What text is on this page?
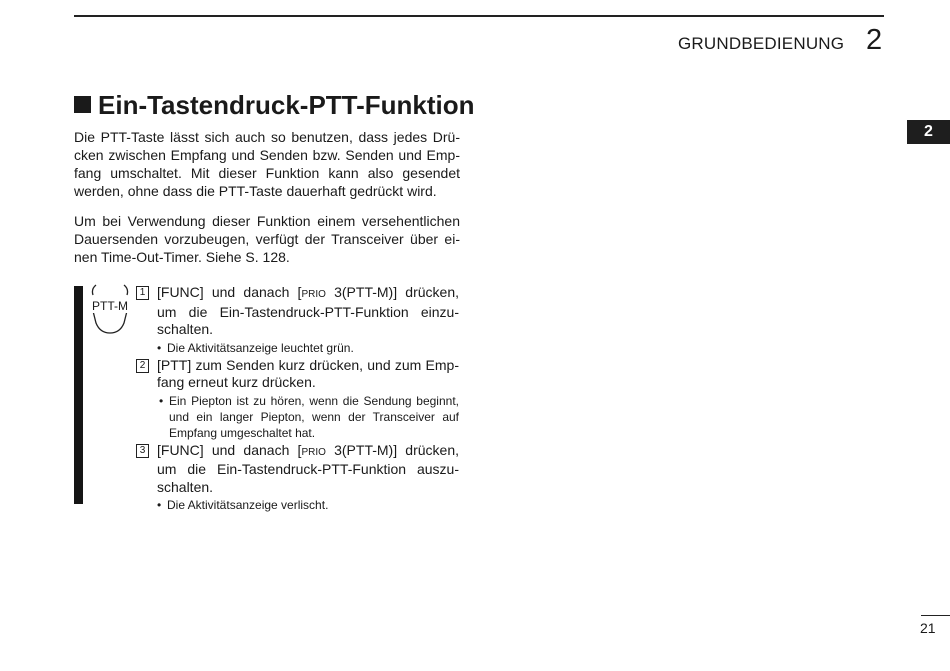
GRUNDBEDIENUNG 2
2
Ein-Tastendruck-PTT-Funktion
Die PTT-Taste lässt sich auch so benutzen, dass jedes Drü-
cken zwischen Empfang und Senden bzw. Senden und Emp-
fang umschaltet. Mit dieser Funktion kann also gesendet
werden, ohne dass die PTT-Taste dauerhaft gedrückt wird.
Um bei Verwendung dieser Funktion einem versehentlichen
Dauersenden vorzubeugen, verfügt der Transceiver über ei-
nen Time-Out-Timer. Siehe S. 128.
PTT-M
1 [FUNC] und danach [PRIO 3(PTT-M)] drücken,
um die Ein-Tastendruck-PTT-Funktion einzu-
schalten.
• Die Aktivitätsanzeige leuchtet grün.
2 [PTT] zum Senden kurz drücken, und zum Emp-
fang erneut kurz drücken.
• Ein Piepton ist zu hören, wenn die Sendung beginnt,
und ein langer Piepton, wenn der Transceiver auf
Empfang umgeschaltet hat.
3 [FUNC] und danach [PRIO 3(PTT-M)] drücken,
um die Ein-Tastendruck-PTT-Funktion auszu-
schalten.
• Die Aktivitätsanzeige verlischt.
21
